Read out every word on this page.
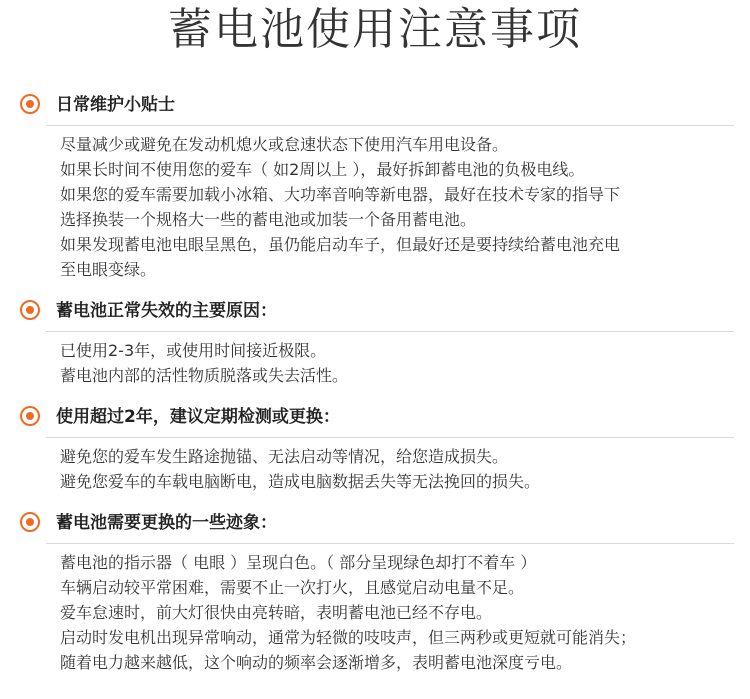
蓄电池使用注意事项
日常维护小贴士
尽量减少或避免在发动机熄火或怠速状态下使用汽车用电设备。
如果长时间不使用您的爱车（ 如2周以上 ），最好拆卸蓄电池的负极电线。
如果您的爱车需要加载小冰箱、大功率音响等新电器，最好在技术专家的指导下
选择换装一个规格大一些的蓄电池或加装一个备用蓄电池。
如果发现蓄电池电眼呈黑色，虽仍能启动车子，但最好还是要持续给蓄电池充电
至电眼变绿。
蓄电池正常失效的主要原因：
已使用2-3年，或使用时间接近极限。
蓄电池内部的活性物质脱落或失去活性。
使用超过2年，建议定期检测或更换：
避免您的爱车发生路途抛锚、无法启动等情况，给您造成损失。
避免您爱车的车载电脑断电，造成电脑数据丢失等无法挽回的损失。
蓄电池需要更换的一些迹象：
蓄电池的指示器（ 电眼 ）呈现白色。（ 部分呈现绿色却打不着车 ）
车辆启动较平常困难，需要不止一次打火，且感觉启动电量不足。
爱车怠速时，前大灯很快由亮转暗，表明蓄电池已经不存电。
启动时发电机出现异常响动，通常为轻微的吱吱声，但三两秒或更短就可能消失；
随着电力越来越低，这个响动的频率会逐渐增多，表明蓄电池深度亏电。
